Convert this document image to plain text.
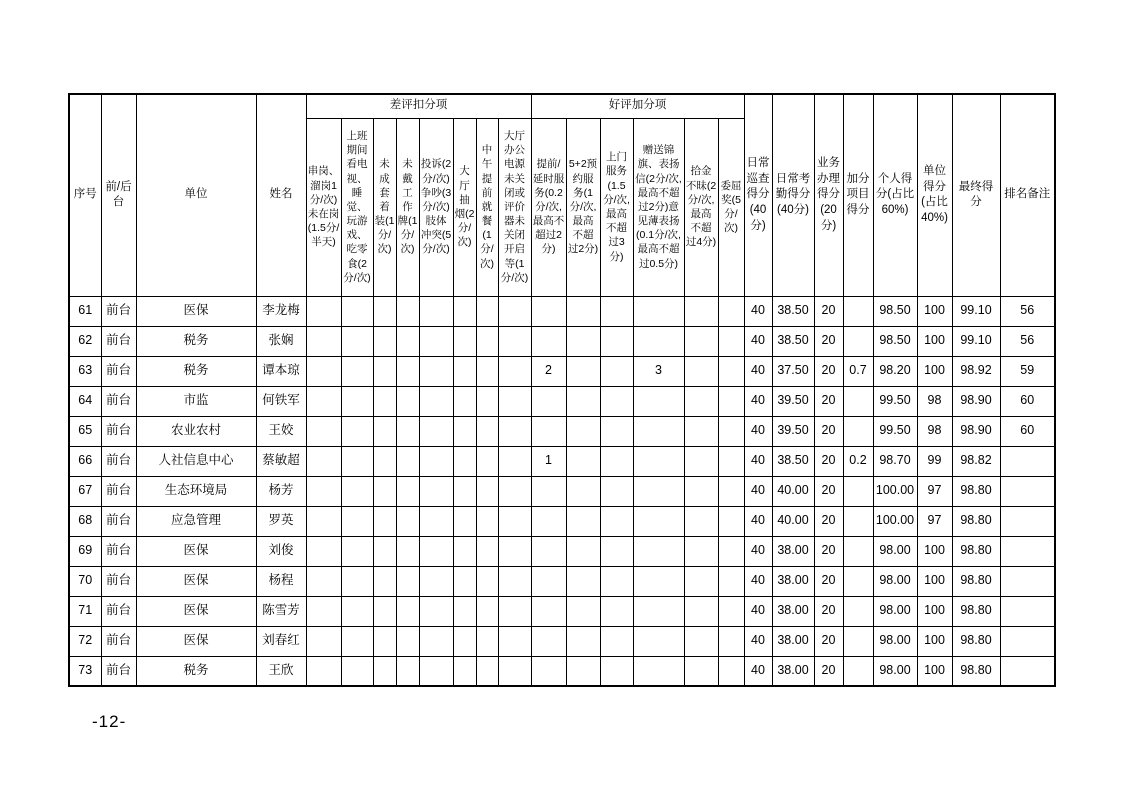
序号	前/后台	单位	姓名	差评扣分项								好评加分项						日常巡查得分(40分)	日常考勤得分(40分)	业务办理得分(20分)	加分项目得分	个人得分(占比60%)	单位得分(占比40%)	最终得分	排名备注
				串岗、溜岗1分/次)未在岗(1.5分/半天)	上班期间看电视、睡觉、玩游戏、吃零食(2分/次)	未成套着装(1分/次)	未戴工作牌(1分/次)	投诉(2分/次)争吵(3分/次)肢体冲突(5分/次)	大厅抽烟(2分/次)	中午提前就餐(1分/次)	大厅办公电源未关闭或评价器未关闭开启等(1分/次)	提前/延时服务(0.2分/次,最高不超过2分)	5+2预约服务(1分/次,最高不超过2分)	上门服务(1.5分/次,最高不超过3分)	赠送锦旗、表扬信(2分/次,最高不超过2分)意见薄表扬(0.1分/次,最高不超过0.5分)	拾金不昧(2分/次,最高不超过4分)	委屈奖(5分/次)								
61	前台	医保	李龙梅															40	38.50	20		98.50	100	99.10	56
62	前台	税务	张娴															40	38.50	20		98.50	100	99.10	56
63	前台	税务	谭本琼									2			3			40	37.50	20	0.7	98.20	100	98.92	59
64	前台	市监	何铁军															40	39.50	20		99.50	98	98.90	60
65	前台	农业农村	王姣															40	39.50	20		99.50	98	98.90	60
66	前台	人社信息中心	蔡敏超									1						40	38.50	20	0.2	98.70	99	98.82	
67	前台	生态环境局	杨芳															40	40.00	20		100.00	97	98.80	
68	前台	应急管理	罗英															40	40.00	20		100.00	97	98.80	
69	前台	医保	刘俊															40	38.00	20		98.00	100	98.80	
70	前台	医保	杨程															40	38.00	20		98.00	100	98.80	
71	前台	医保	陈雪芳															40	38.00	20		98.00	100	98.80	
72	前台	医保	刘春红															40	38.00	20		98.00	100	98.80	
73	前台	税务	王欣															40	38.00	20		98.00	100	98.80	
-12-
